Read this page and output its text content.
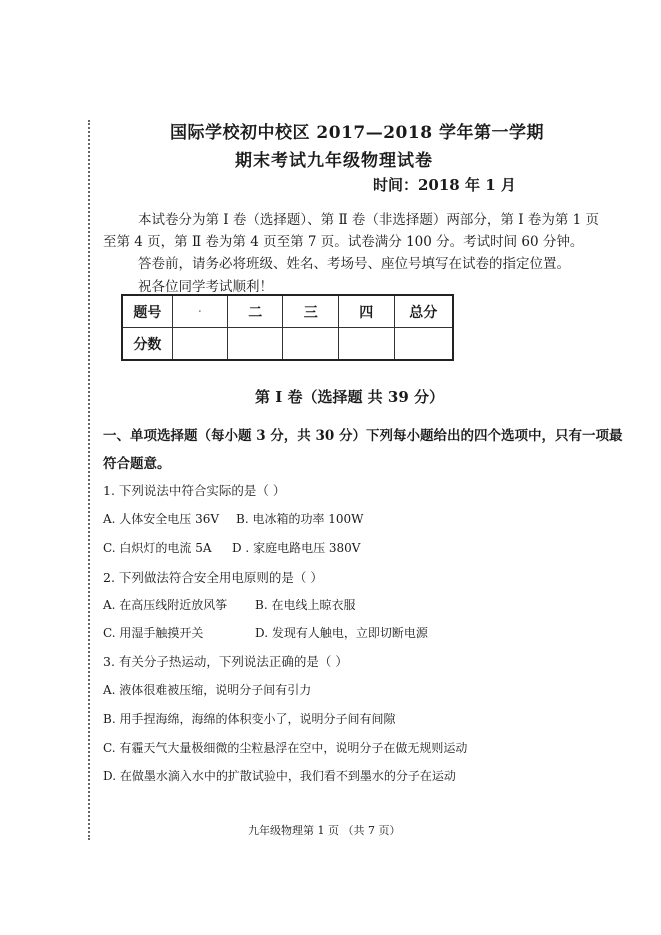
国际学校初中校区 2017—2018 学年第一学期
期末考试九年级物理试卷
时间：2018 年 1 月
本试卷分为第 Ⅰ 卷（选择题）、第 Ⅱ 卷（非选择题）两部分，第 Ⅰ 卷为第 1 页
至第 4 页，第 Ⅱ 卷为第 4 页至第 7 页。试卷满分 100 分。考试时间 60 分钟。
答卷前，请务必将班级、姓名、考场号、座位号填写在试卷的指定位置。
祝各位同学考试顺利！
题号	·	二	三	四	总分
分数					
第 Ⅰ 卷（选择题 共 39 分）
一、单项选择题（每小题 3 分，共 30 分）下列每小题给出的四个选项中，只有一项最
符合题意。
1. 下列说法中符合实际的是（ ）
A. 人体安全电压 36V B. 电冰箱的功率 100W
C. 白炽灯的电流 5A D . 家庭电路电压 380V
2. 下列做法符合安全用电原则的是（ ）
A. 在高压线附近放风筝 B. 在电线上晾衣服
C. 用湿手触摸开关	D. 发现有人触电，立即切断电源
3. 有关分子热运动，下列说法正确的是（ ）
A. 液体很难被压缩，说明分子间有引力
B. 用手捏海绵，海绵的体积变小了，说明分子间有间隙
C. 有霾天气大量极细微的尘粒悬浮在空中，说明分子在做无规则运动
D. 在做墨水滴入水中的扩散试验中，我们看不到墨水的分子在运动
九年级物理第 1 页 （共 7 页）
